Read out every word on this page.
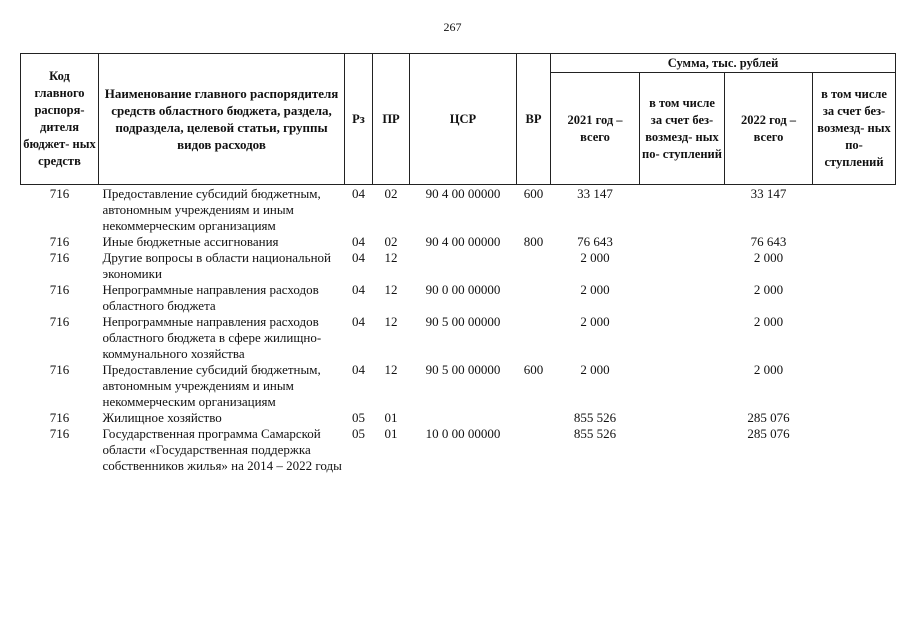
267
Код главного распоря- дителя бюджет- ных средств	Наименование главного распорядителя средств областного бюджета, раздела, подраздела, целевой статьи, группы видов расходов	Рз	ПР	ЦСР	ВР	Сумма, тыс. рублей			
						2021 год – всего	в том числе за счет без- возмезд- ных по- ступлений	2022 год – всего	в том числе за счет без- возмезд- ных по- ступлений
716	Предоставление субсидий бюджетным, автономным учреждениям и иным некоммерческим организациям	04	02	90 4 00 00000	600	33 147		33 147	
716	Иные бюджетные ассигнования	04	02	90 4 00 00000	800	76 643		76 643	
716	Другие вопросы в области национальной экономики	04	12			2 000		2 000	
716	Непрограммные направления расходов областного бюджета	04	12	90 0 00 00000		2 000		2 000	
716	Непрограммные направления расходов областного бюджета в сфере жилищно-коммунального хозяйства	04	12	90 5 00 00000		2 000		2 000	
716	Предоставление субсидий бюджетным, автономным учреждениям и иным некоммерческим организациям	04	12	90 5 00 00000	600	2 000		2 000	
716	Жилищное хозяйство	05	01			855 526		285 076	
716	Государственная программа Самарской области «Государственная поддержка собственников жилья» на 2014 – 2022 годы	05	01	10 0 00 00000		855 526		285 076	
